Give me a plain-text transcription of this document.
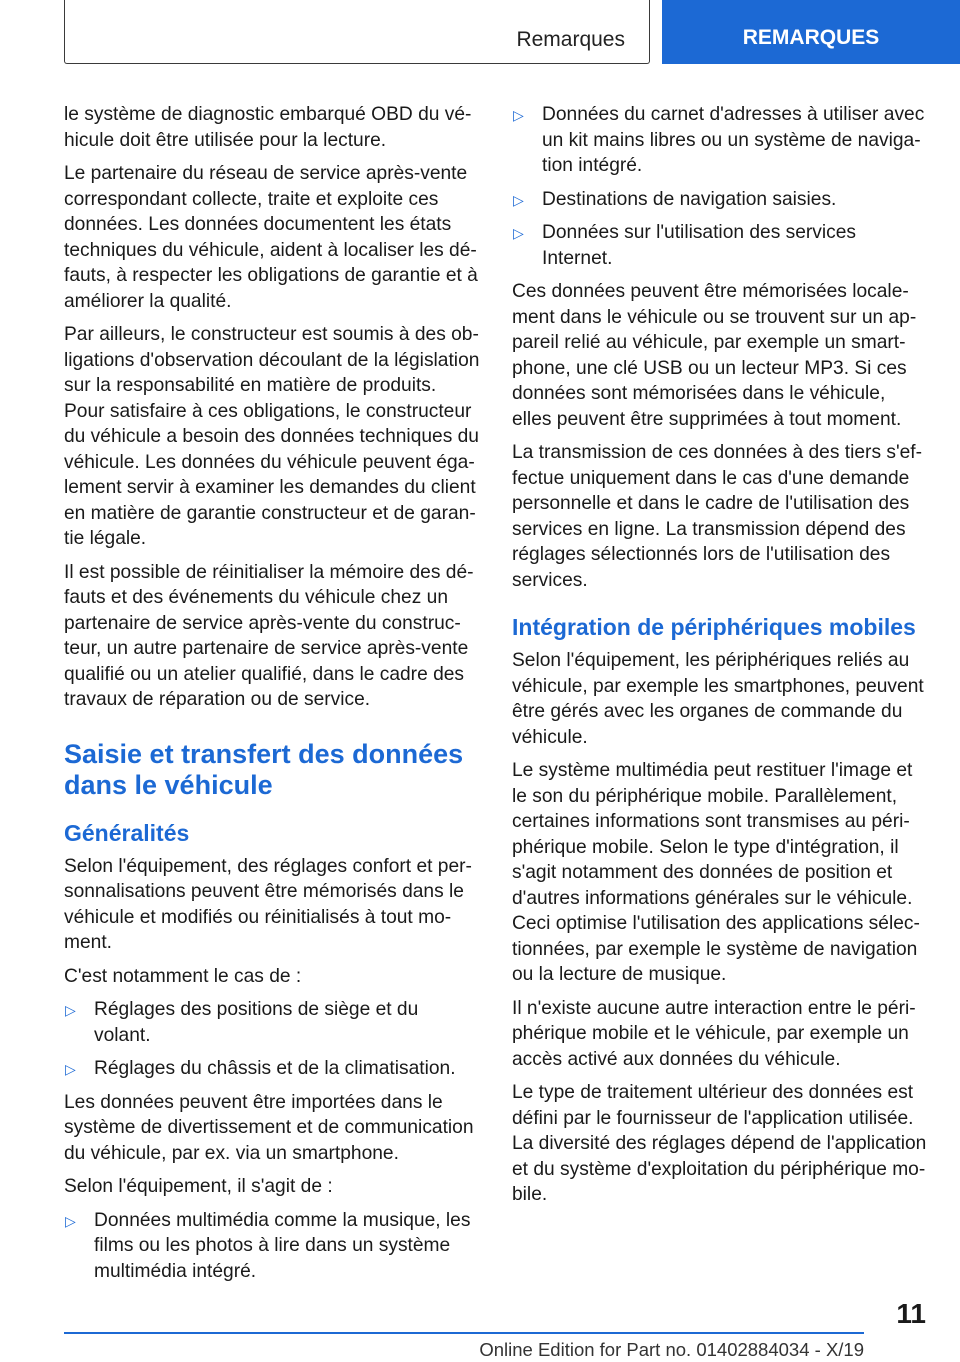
Remarques	REMARQUES

le système de diagnostic embarqué OBD du véhicule doit être utilisée pour la lecture.

Le partenaire du réseau de service après-vente correspondant collecte, traite et exploite ces données. Les données documentent les états techniques du véhicule, aident à localiser les défauts, à respecter les obligations de garantie et à améliorer la qualité.

Par ailleurs, le constructeur est soumis à des obligations d'observation découlant de la législation sur la responsabilité en matière de produits. Pour satisfaire à ces obligations, le constructeur du véhicule a besoin des données techniques du véhicule. Les données du véhicule peuvent également servir à examiner les demandes du client en matière de garantie constructeur et de garantie légale.

Il est possible de réinitialiser la mémoire des défauts et des événements du véhicule chez un partenaire de service après-vente du constructeur, un autre partenaire de service après-vente qualifié ou un atelier qualifié, dans le cadre des travaux de réparation ou de service.

Saisie et transfert des données dans le véhicule
Généralités

Selon l'équipement, des réglages confort et personnalisations peuvent être mémorisés dans le véhicule et modifiés ou réinitialisés à tout moment.

C'est notamment le cas de :

▷ Réglages des positions de siège et du volant.
▷ Réglages du châssis et de la climatisation.

Les données peuvent être importées dans le système de divertissement et de communication du véhicule, par ex. via un smartphone.

Selon l'équipement, il s'agit de :

▷ Données multimédia comme la musique, les films ou les photos à lire dans un système multimédia intégré.
▷ Données du carnet d'adresses à utiliser avec un kit mains libres ou un système de navigation intégré.
▷ Destinations de navigation saisies.
▷ Données sur l'utilisation des services Internet.

Ces données peuvent être mémorisées localement dans le véhicule ou se trouvent sur un appareil relié au véhicule, par exemple un smartphone, une clé USB ou un lecteur MP3. Si ces données sont mémorisées dans le véhicule, elles peuvent être supprimées à tout moment.

La transmission de ces données à des tiers s'effectue uniquement dans le cas d'une demande personnelle et dans le cadre de l'utilisation des services en ligne. La transmission dépend des réglages sélectionnés lors de l'utilisation des services.

Intégration de périphériques mobiles

Selon l'équipement, les périphériques reliés au véhicule, par exemple les smartphones, peuvent être gérés avec les organes de commande du véhicule.

Le système multimédia peut restituer l'image et le son du périphérique mobile. Parallèlement, certaines informations sont transmises au périphérique mobile. Selon le type d'intégration, il s'agit notamment des données de position et d'autres informations générales sur le véhicule. Ceci optimise l'utilisation des applications sélectionnées, par exemple le système de navigation ou la lecture de musique.

Il n'existe aucune autre interaction entre le périphérique mobile et le véhicule, par exemple un accès activé aux données du véhicule.

Le type de traitement ultérieur des données est défini par le fournisseur de l'application utilisée. La diversité des réglages dépend de l'application et du système d'exploitation du périphérique mobile.

11
Online Edition for Part no. 01402884034 - X/19
